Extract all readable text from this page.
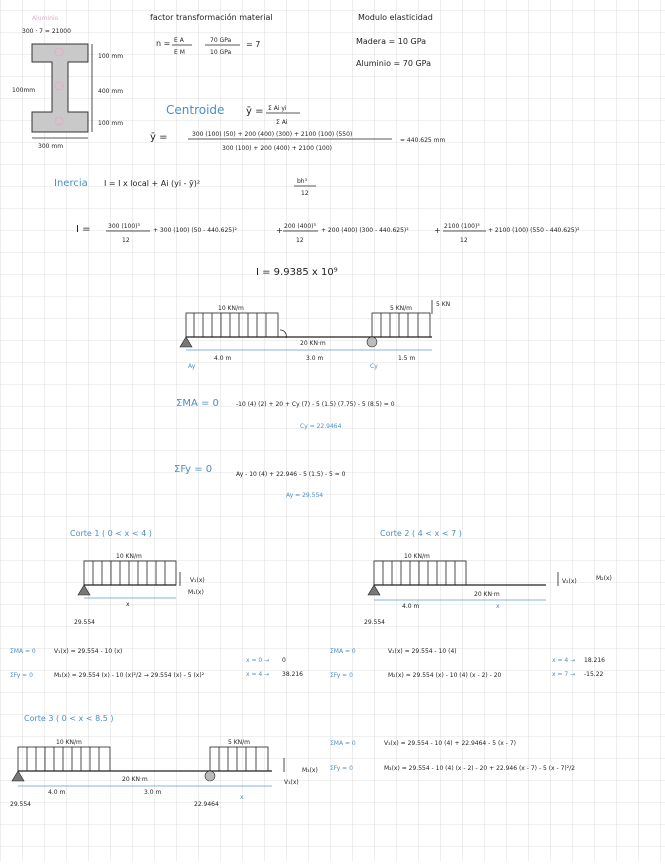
Aluminio
300 · 7 = 21000
100 mm
400 mm
100 mm
100mm
300 mm
factor transformación material
n = E A
E M
70 GPa
10 GPa
= 7
Modulo elasticidad
Madera = 10 GPa
Aluminio = 70 GPa
Centroide ȳ = Σ Ai yi
Σ Ai
ȳ =	300 (100) (50) + 200 (400) (300) + 2100 (100) (550)
300 (100) + 200 (400) + 2100 (100)
= 440.625 mm
Inercia I = I x local + Ai (yi - ȳ)²	bh³
12
I =	300 (100)³
12
+ 300 (100) (50 - 440.625)²	+ 200 (400)³
12
+ 200 (400) (300 - 440.625)²	+ 2100 (100)³
12
+ 2100 (100) (550 - 440.625)²
I = 9.9385 x 10⁹
10 KN/m	5 KN/m
5 KN
20 KN·m
4.0 m	3.0 m	1.5 m
Ay	Cy
ΣMA = 0	-10 (4) (2) + 20 + Cy (7) - 5 (1.5) (7.75) - 5 (8.5) = 0
Cy = 22.9464
ΣFy = 0	Ay - 10 (4) + 22.946 - 5 (1.5) - 5 = 0
Ay = 29.554
Corte 1 ( 0 < x < 4 )
10 KN/m
V₁(x)
M₁(x)
x
29.554
ΣMA = 0	V₁(x) = 29.554 - 10 (x)
ΣFy = 0	M₁(x) = 29.554 (x) - 10 (x)²/2 → 29.554 (x) - 5 (x)²
x = 0 → 0
x = 4 → 38.216
Corte 2 ( 4 < x < 7 )
10 KN/m
20 KN·m
V₂(x)	M₂(x)
4.0 m	x
29.554
ΣMA = 0	V₂(x) = 29.554 - 10 (4)
ΣFy = 0	M₂(x) = 29.554 (x) - 10 (4) (x - 2) - 20
x = 4 → 18.216
x = 7 → -15.22
Corte 3 ( 0 < x < 8.5 )
10 KN/m	5 KN/m
20 KN·m	V₃(x)
M₃(x)
4.0 m	3.0 m
x
29.554	22.9464
ΣMA = 0	V₃(x) = 29.554 - 10 (4) + 22.9464 - 5 (x - 7)
ΣFy = 0	M₃(x) = 29.554 - 10 (4) (x - 2) - 20 + 22.946 (x - 7) - 5 (x - 7)²/2
